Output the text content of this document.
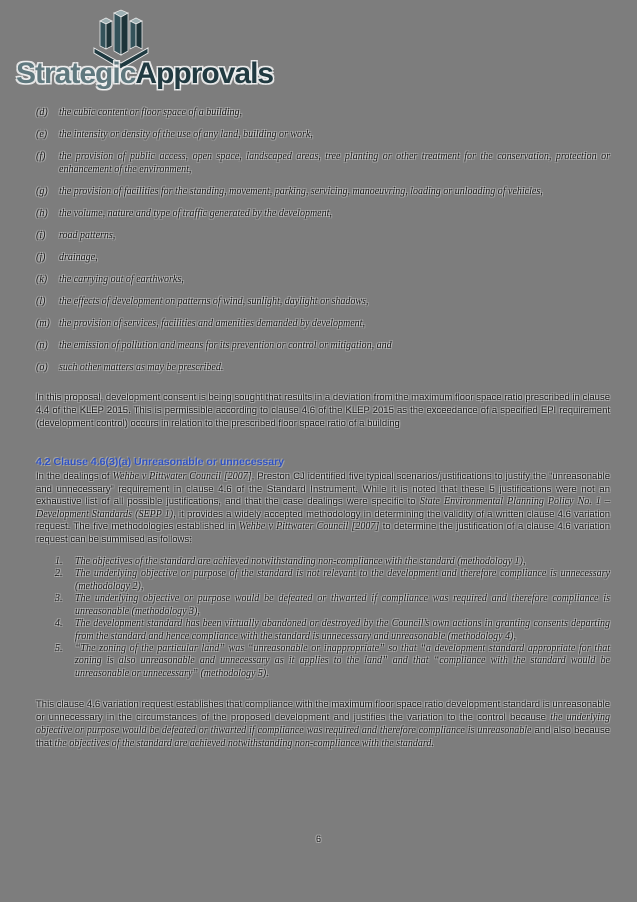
StrategicApprovals
(d)	the cubic content or floor space of a building,
(e)	the intensity or density of the use of any land, building or work,
(f)	the provision of public access, open space, landscaped areas, tree planting or other treatment for the conservation, protection or enhancement of the environment,
(g)	the provision of facilities for the standing, movement, parking, servicing, manoeuvring, loading or unloading of vehicles,
(h)	the volume, nature and type of traffic generated by the development,
(i)	road patterns,
(j)	drainage,
(k)	the carrying out of earthworks,
(l)	the effects of development on patterns of wind, sunlight, daylight or shadows,
(m) the provision of services, facilities and amenities demanded by development,
(n)	the emission of pollution and means for its prevention or control or mitigation, and
(o)	such other matters as may be prescribed.

In this proposal, development consent is being sought that results in a deviation from the maximum floor space ratio prescribed in clause 4.4 of the KLEP 2015. This is permissible according to clause 4.6 of the KLEP 2015 as the exceedance of a specified EPI requirement (development control) occurs in relation to the prescribed floor space ratio of a building

4.2 Clause 4.6(3)(a) Unreasonable or unnecessary

In the dealings of Wehbe v Pittwater Council [2007], Preston CJ identified five typical scenarios/justifications to justify the “unreasonable and unnecessary” requirement in clause 4.6 of the Standard Instrument. While it is noted that these 5 justifications were not an exhaustive list of all possible justifications, and that the case dealings were specific to State Environmental Planning Policy No. 1 – Development Standards (SEPP 1), it provides a widely accepted methodology in determining the validity of a written clause 4.6 variation request. The five methodologies established in Wehbe v Pittwater Council [2007] to determine the justification of a clause 4.6 variation request can be summised as follows:

1.	The objectives of the standard are achieved notwithstanding non-compliance with the standard (methodology 1),
2.	The underlying objective or purpose of the standard is not relevant to the development and therefore compliance is unnecessary (methodology 2),
3.	The underlying objective or purpose would be defeated or thwarted if compliance was required and therefore compliance is unreasonable (methodology 3),
4.	The development standard has been virtually abandoned or destroyed by the Council’s own actions in granting consents departing from the standard and hence compliance with the standard is unnecessary and unreasonable (methodology 4),
5.	“The zoning of the particular land” was “unreasonable or inappropriate” so that “a development standard appropriate for that zoning is also unreasonable and unnecessary as it applies to the land” and that “compliance with the standard would be unreasonable or unnecessary” (methodology 5).

This clause 4.6 variation request establishes that compliance with the maximum floor space ratio development standard is unreasonable or unnecessary in the circumstances of the proposed development and justifies the variation to the control because the underlying objective or purpose would be defeated or thwarted if compliance was required and therefore compliance is unreasonable and also because that the objectives of the standard are achieved notwithstanding non-compliance with the standard.

6
